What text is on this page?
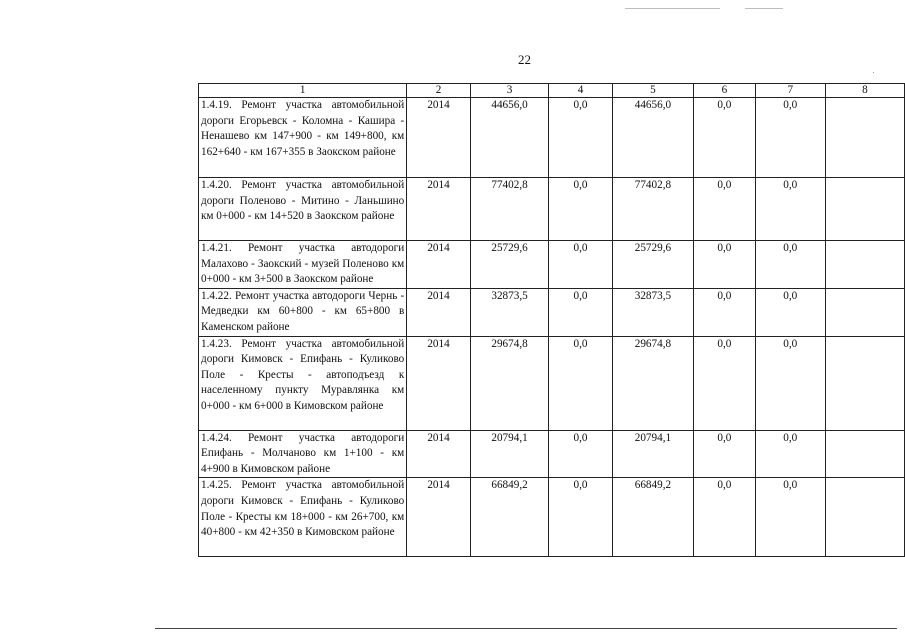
22
1	2	3	4	5	6	7	8
1.4.19. Ремонт участка автомобильной дороги Егорьевск - Коломна - Кашира - Ненашево км 147+900 - км 149+800, км 162+640 - км 167+355 в Заокском районе	2014	44656,0	0,0	44656,0	0,0	0,0	
1.4.20. Ремонт участка автомобильной дороги Поленово - Митино - Ланьшино км 0+000 - км 14+520 в Заокском районе	2014	77402,8	0,0	77402,8	0,0	0,0	
1.4.21. Ремонт участка автодороги Малахово - Заокский - музей Поленово км 0+000 - км 3+500 в Заокском районе	2014	25729,6	0,0	25729,6	0,0	0,0	
1.4.22. Ремонт участка автодороги Чернь - Медведки км 60+800 - км 65+800 в Каменском районе	2014	32873,5	0,0	32873,5	0,0	0,0	
1.4.23. Ремонт участка автомобильной дороги Кимовск - Епифань - Куликово Поле - Кресты - автоподъезд к населенному пункту Муравлянка км 0+000 - км 6+000 в Кимовском районе	2014	29674,8	0,0	29674,8	0,0	0,0	
1.4.24. Ремонт участка автодороги Епифань - Молчаново км 1+100 - км 4+900 в Кимовском районе	2014	20794,1	0,0	20794,1	0,0	0,0	
1.4.25. Ремонт участка автомобильной дороги Кимовск - Епифань - Куликово Поле - Кресты км 18+000 - км 26+700, км 40+800 - км 42+350 в Кимовском районе	2014	66849,2	0,0	66849,2	0,0	0,0	
